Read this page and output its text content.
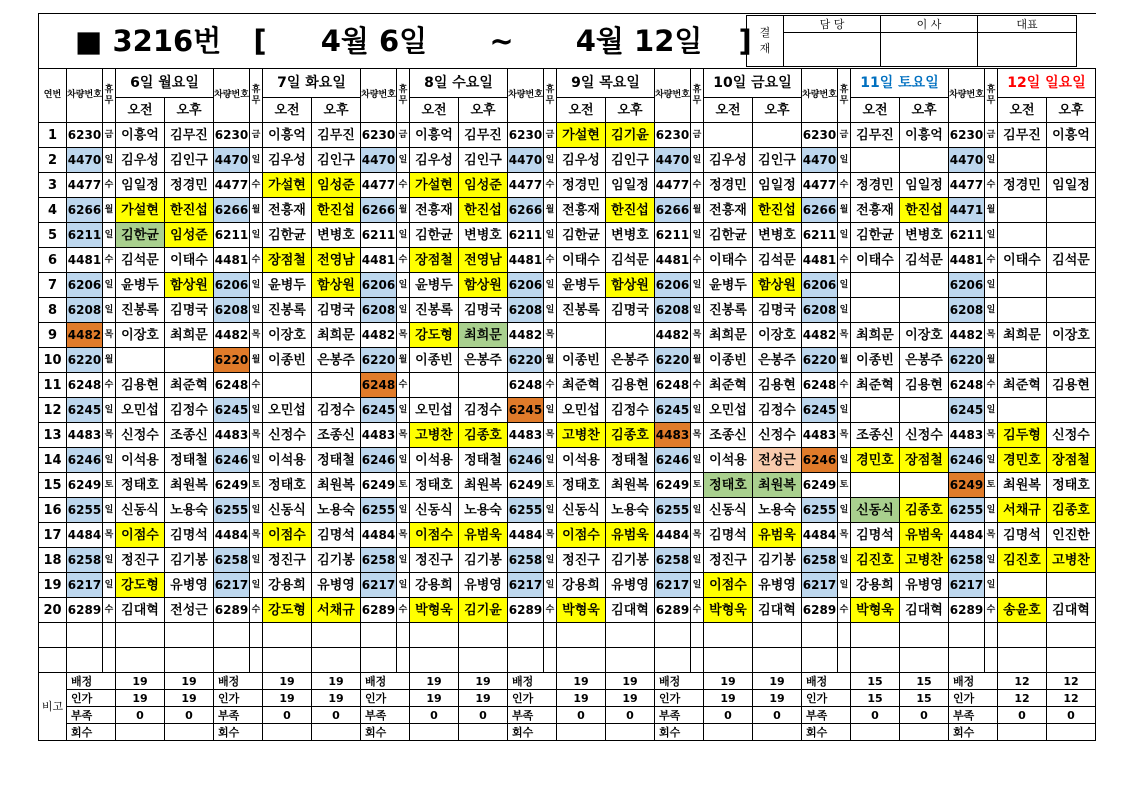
■ 3216번 [ 4월 6일 ~ 4월 12일 ]																												
연번	차량번호	휴무	6일 월요일		차량번호	휴무	7일 화요일		차량번호	휴무	8일 수요일		차량번호	휴무	9일 목요일		차량번호	휴무	10일 금요일		차량번호	휴무	11일 토요일		차량번호	휴무	12일 일요일	
			오전	오후			오전	오후			오전	오후			오전	오후			오전	오후			오전	오후			오전	오후
1	6230	금	이흥억	김무진	6230	금	이흥억	김무진	6230	금	이흥억	김무진	6230	금	가설현	김기윤	6230	금			6230	금	김무진	이흥억	6230	금	김무진	이흥억
2	4470	일	김우성	김인구	4470	일	김우성	김인구	4470	일	김우성	김인구	4470	일	김우성	김인구	4470	일	김우성	김인구	4470	일			4470	일		
3	4477	수	임일정	정경민	4477	수	가설현	임성준	4477	수	가설현	임성준	4477	수	정경민	임일정	4477	수	정경민	임일정	4477	수	정경민	임일정	4477	수	정경민	임일정
4	6266	월	가설현	한진섭	6266	월	전흥재	한진섭	6266	월	전흥재	한진섭	6266	월	전흥재	한진섭	6266	월	전흥재	한진섭	6266	월	전흥재	한진섭	4471	월		
5	6211	일	김한균	임성준	6211	일	김한균	변병호	6211	일	김한균	변병호	6211	일	김한균	변병호	6211	일	김한균	변병호	6211	일	김한균	변병호	6211	일		
6	4481	수	김석문	이태수	4481	수	장점철	전영남	4481	수	장점철	전영남	4481	수	이태수	김석문	4481	수	이태수	김석문	4481	수	이태수	김석문	4481	수	이태수	김석문
7	6206	일	윤병두	함상원	6206	일	윤병두	함상원	6206	일	윤병두	함상원	6206	일	윤병두	함상원	6206	일	윤병두	함상원	6206	일			6206	일		
8	6208	일	진봉록	김명국	6208	일	진봉록	김명국	6208	일	진봉록	김명국	6208	일	진봉록	김명국	6208	일	진봉록	김명국	6208	일			6208	일		
9	4482	목	이장호	최희문	4482	목	이장호	최희문	4482	목	강도형	최희문	4482	목			4482	목	최희문	이장호	4482	목	최희문	이장호	4482	목	최희문	이장호
10	6220	월			6220	월	이종빈	은봉주	6220	월	이종빈	은봉주	6220	월	이종빈	은봉주	6220	월	이종빈	은봉주	6220	월	이종빈	은봉주	6220	월		
11	6248	수	김용현	최준혁	6248	수			6248	수			6248	수	최준혁	김용현	6248	수	최준혁	김용현	6248	수	최준혁	김용현	6248	수	최준혁	김용현
12	6245	일	오민섭	김정수	6245	일	오민섭	김정수	6245	일	오민섭	김정수	6245	일	오민섭	김정수	6245	일	오민섭	김정수	6245	일			6245	일		
13	4483	목	신정수	조종신	4483	목	신정수	조종신	4483	목	고병찬	김종호	4483	목	고병찬	김종호	4483	목	조종신	신정수	4483	목	조종신	신정수	4483	목	김두형	신정수
14	6246	일	이석용	정태철	6246	일	이석용	정태철	6246	일	이석용	정태철	6246	일	이석용	정태철	6246	일	이석용	전성근	6246	일	경민호	장점철	6246	일	경민호	장점철
15	6249	토	정태호	최원복	6249	토	정태호	최원복	6249	토	정태호	최원복	6249	토	정태호	최원복	6249	토	정태호	최원복	6249	토			6249	토	최원복	정태호
16	6255	일	신동식	노용숙	6255	일	신동식	노용숙	6255	일	신동식	노용숙	6255	일	신동식	노용숙	6255	일	신동식	노용숙	6255	일	신동식	김종호	6255	일	서채규	김종호
17	4484	목	이점수	김명석	4484	목	이점수	김명석	4484	목	이점수	유범욱	4484	목	이점수	유범욱	4484	목	김명석	유범욱	4484	목	김명석	유범욱	4484	목	김명석	인진한
18	6258	일	정진구	김기봉	6258	일	정진구	김기봉	6258	일	정진구	김기봉	6258	일	정진구	김기봉	6258	일	정진구	김기봉	6258	일	김진호	고병찬	6258	일	김진호	고병찬
19	6217	일	강도형	유병영	6217	일	강용희	유병영	6217	일	강용희	유병영	6217	일	강용희	유병영	6217	일	이점수	유병영	6217	일	강용희	유병영	6217	일		
20	6289	수	김대혁	전성근	6289	수	강도형	서채규	6289	수	박형욱	김기윤	6289	수	박형욱	김대혁	6289	수	박형욱	김대혁	6289	수	박형욱	김대혁	6289	수	송윤호	김대혁

비고	배정		19	19	배정		19	19	배정		19	19	배정		19	19	배정		19	19	배정		15	15	배정		12	12
	인가		19	19	인가		19	19	인가		19	19	인가		19	19	인가		19	19	인가		15	15	인가		12	12
	부족		0	0	부족		0	0	부족		0	0	부족		0	0	부족		0	0	부족		0	0	부족		0	0
	회수				회수				회수				회수				회수				회수				회수			
결
재	담 당	이 사	대표
